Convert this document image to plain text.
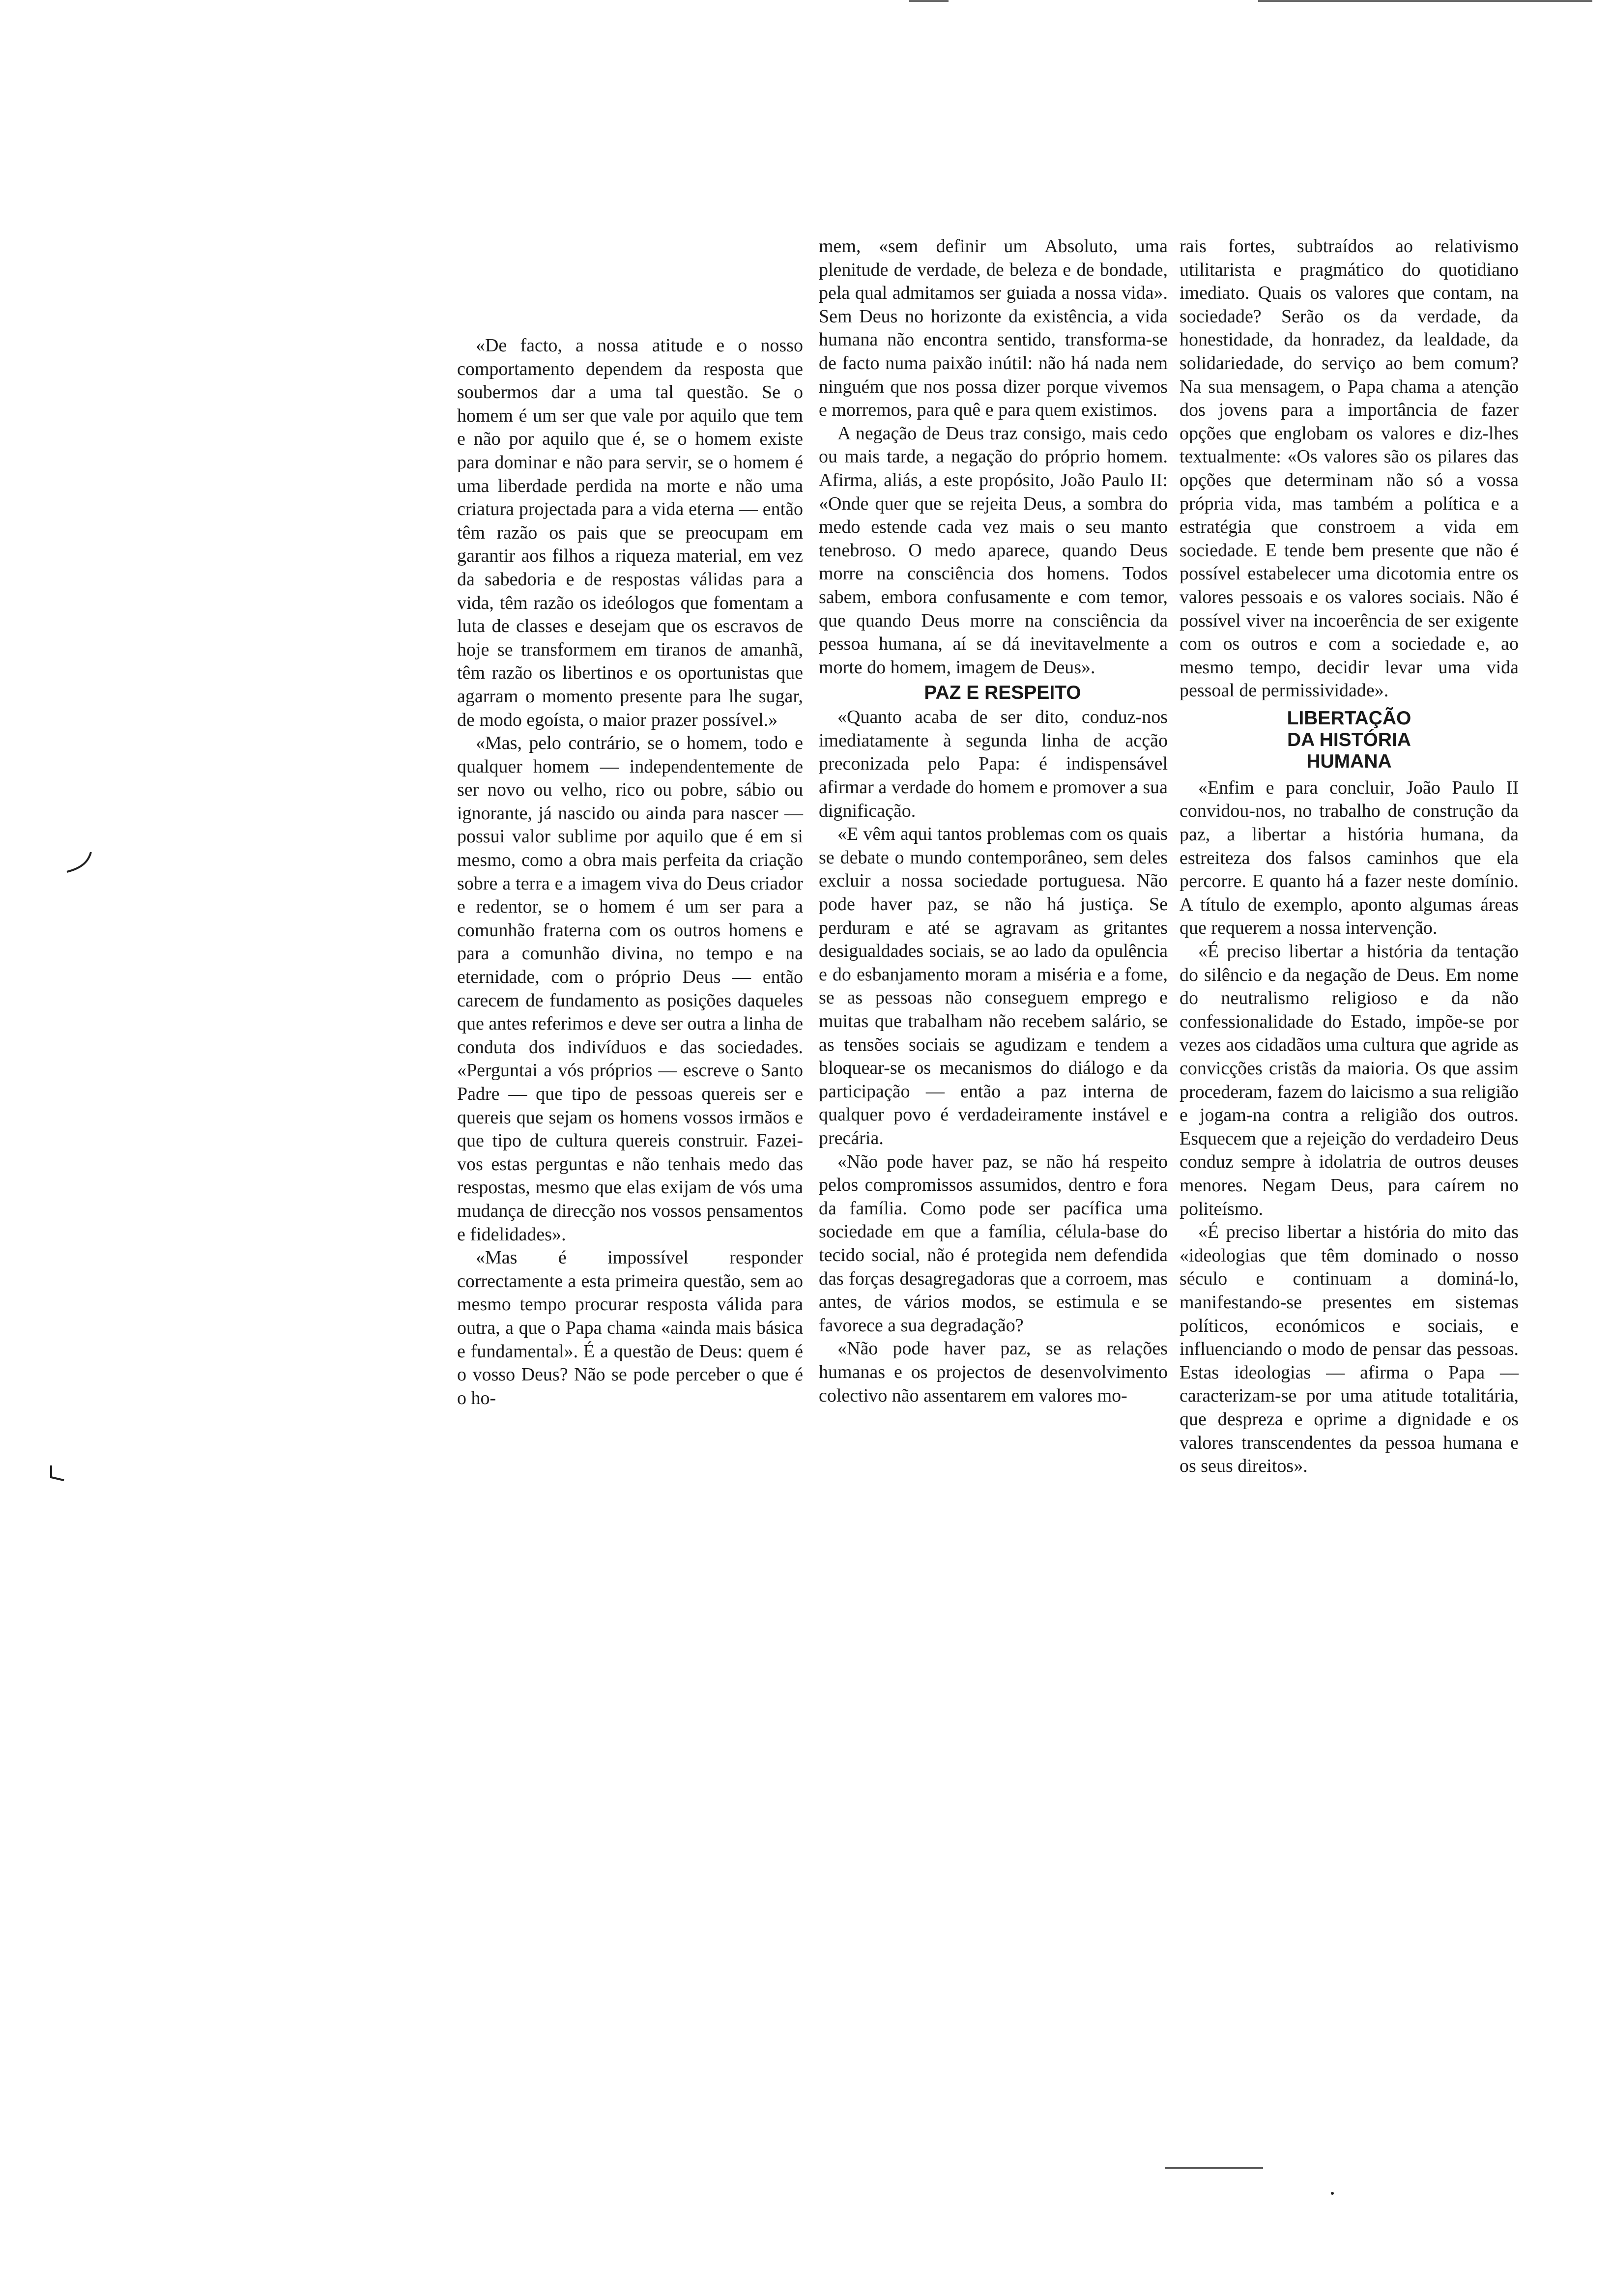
«De facto, a nossa atitude e o nosso comportamento dependem da resposta que soubermos dar a uma tal questão. Se o homem é um ser que vale por aquilo que tem e não por aquilo que é, se o homem existe para dominar e não para servir, se o homem é uma liberdade perdida na morte e não uma criatura projectada para a vida eterna — então têm razão os pais que se preocupam em garantir aos filhos a riqueza material, em vez da sabedoria e de respostas válidas para a vida, têm razão os ideólogos que fomentam a luta de classes e desejam que os escravos de hoje se transformem em tiranos de amanhã, têm razão os libertinos e os oportunistas que agarram o momento presente para lhe sugar, de modo egoísta, o maior prazer possível.»

«Mas, pelo contrário, se o homem, todo e qualquer homem — independentemente de ser novo ou velho, rico ou pobre, sábio ou ignorante, já nascido ou ainda para nascer — possui valor sublime por aquilo que é em si mesmo, como a obra mais perfeita da criação sobre a terra e a imagem viva do Deus criador e redentor, se o homem é um ser para a comunhão fraterna com os outros homens e para a comunhão divina, no tempo e na eternidade, com o próprio Deus — então carecem de fundamento as posições daqueles que antes referimos e deve ser outra a linha de conduta dos indivíduos e das sociedades. «Perguntai a vós próprios — escreve o Santo Padre — que tipo de pessoas quereis ser e quereis que sejam os homens vossos irmãos e que tipo de cultura quereis construir. Fazei-vos estas perguntas e não tenhais medo das respostas, mesmo que elas exijam de vós uma mudança de direcção nos vossos pensamentos e fidelidades».

«Mas é impossível responder correctamente a esta primeira questão, sem ao mesmo tempo procurar resposta válida para outra, a que o Papa chama «ainda mais básica e fundamental». É a questão de Deus: quem é o vosso Deus? Não se pode perceber o que é o ho-

mem, «sem definir um Absoluto, uma plenitude de verdade, de beleza e de bondade, pela qual admitamos ser guiada a nossa vida». Sem Deus no horizonte da existência, a vida humana não encontra sentido, transforma-se de facto numa paixão inútil: não há nada nem ninguém que nos possa dizer porque vivemos e morremos, para quê e para quem existimos.

A negação de Deus traz consigo, mais cedo ou mais tarde, a negação do próprio homem. Afirma, aliás, a este propósito, João Paulo II: «Onde quer que se rejeita Deus, a sombra do medo estende cada vez mais o seu manto tenebroso. O medo aparece, quando Deus morre na consciência dos homens. Todos sabem, embora confusamente e com temor, que quando Deus morre na consciência da pessoa humana, aí se dá inevitavelmente a morte do homem, imagem de Deus».

PAZ E RESPEITO

«Quanto acaba de ser dito, conduz-nos imediatamente à segunda linha de acção preconizada pelo Papa: é indispensável afirmar a verdade do homem e promover a sua dignificação.

«E vêm aqui tantos problemas com os quais se debate o mundo contemporâneo, sem deles excluir a nossa sociedade portuguesa. Não pode haver paz, se não há justiça. Se perduram e até se agravam as gritantes desigualdades sociais, se ao lado da opulência e do esbanjamento moram a miséria e a fome, se as pessoas não conseguem emprego e muitas que trabalham não recebem salário, se as tensões sociais se agudizam e tendem a bloquear-se os mecanismos do diálogo e da participação — então a paz interna de qualquer povo é verdadeiramente instável e precária.

«Não pode haver paz, se não há respeito pelos compromissos assumidos, dentro e fora da família. Como pode ser pacífica uma sociedade em que a família, célula-base do tecido social, não é protegida nem defendida das forças desagregadoras que a corroem, mas antes, de vários modos, se estimula e se favorece a sua degradação?

«Não pode haver paz, se as relações humanas e os projectos de desenvolvimento colectivo não assentarem em valores mo-

rais fortes, subtraídos ao relativismo utilitarista e pragmático do quotidiano imediato. Quais os valores que contam, na sociedade? Serão os da verdade, da honestidade, da honradez, da lealdade, da solidariedade, do serviço ao bem comum? Na sua mensagem, o Papa chama a atenção dos jovens para a importância de fazer opções que englobam os valores e diz-lhes textualmente: «Os valores são os pilares das opções que determinam não só a vossa própria vida, mas também a política e a estratégia que constroem a vida em sociedade. E tende bem presente que não é possível estabelecer uma dicotomia entre os valores pessoais e os valores sociais. Não é possível viver na incoerência de ser exigente com os outros e com a sociedade e, ao mesmo tempo, decidir levar uma vida pessoal de permissividade».

LIBERTAÇÃO
DA HISTÓRIA
HUMANA

«Enfim e para concluir, João Paulo II convidou-nos, no trabalho de construção da paz, a libertar a história humana, da estreiteza dos falsos caminhos que ela percorre. E quanto há a fazer neste domínio. A título de exemplo, aponto algumas áreas que requerem a nossa intervenção.

«É preciso libertar a história da tentação do silêncio e da negação de Deus. Em nome do neutralismo religioso e da não confessionalidade do Estado, impõe-se por vezes aos cidadãos uma cultura que agride as convicções cristãs da maioria. Os que assim procederam, fazem do laicismo a sua religião e jogam-na contra a religião dos outros. Esquecem que a rejeição do verdadeiro Deus conduz sempre à idolatria de outros deuses menores. Negam Deus, para caírem no politeísmo.

«É preciso libertar a história do mito das «ideologias que têm dominado o nosso século e continuam a dominá-lo, manifestando-se presentes em sistemas políticos, económicos e sociais, e influenciando o modo de pensar das pessoas. Estas ideologias — afirma o Papa — caracterizam-se por uma atitude totalitária, que despreza e oprime a dignidade e os valores transcendentes da pessoa humana e os seus direitos».
